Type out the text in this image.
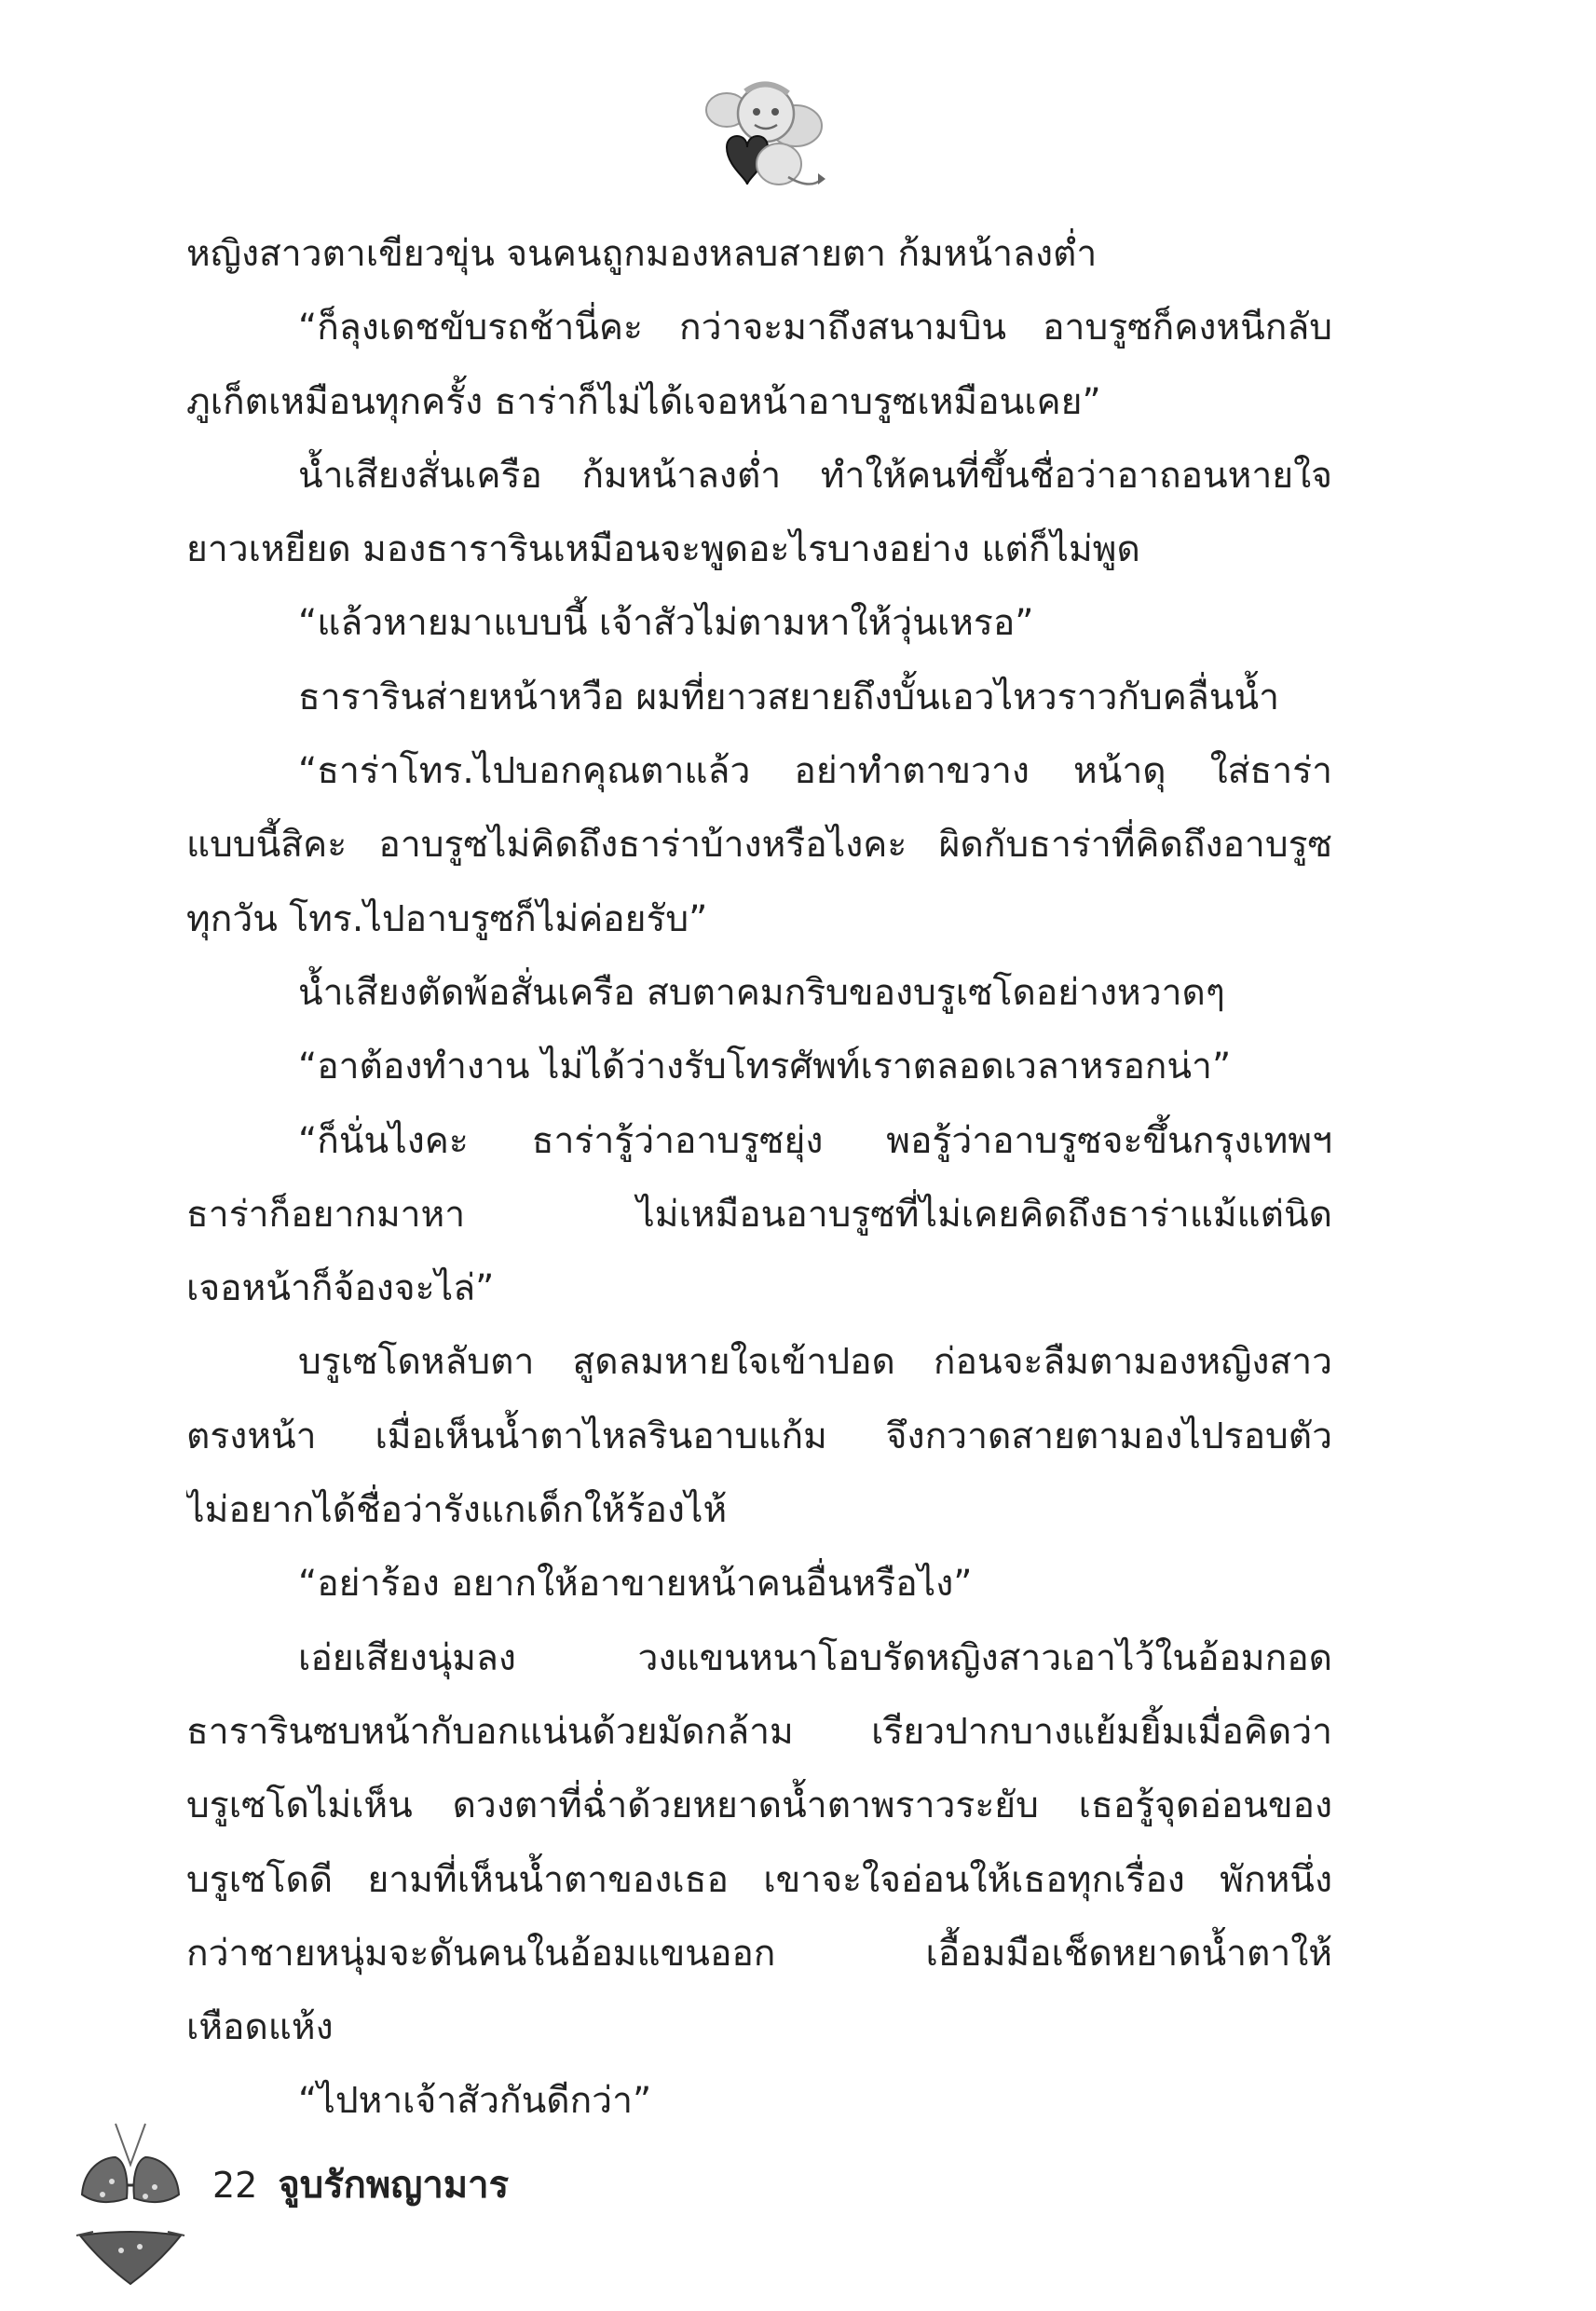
หญิงสาวตาเขียวขุ่น จนคนถูกมองหลบสายตา ก้มหน้าลงต่ำ
“ก็ลุงเดชขับรถช้านี่คะ กว่าจะมาถึงสนามบิน อาบรูซก็คงหนีกลับ
ภูเก็ตเหมือนทุกครั้ง ธาร่าก็ไม่ได้เจอหน้าอาบรูซเหมือนเคย”
น้ำเสียงสั่นเครือ ก้มหน้าลงต่ำ ทำให้คนที่ขึ้นชื่อว่าอาถอนหายใจ
ยาวเหยียด มองธารารินเหมือนจะพูดอะไรบางอย่าง แต่ก็ไม่พูด
“แล้วหายมาแบบนี้ เจ้าสัวไม่ตามหาให้วุ่นเหรอ”
ธารารินส่ายหน้าหวือ ผมที่ยาวสยายถึงบั้นเอวไหวราวกับคลื่นน้ำ
“ธาร่าโทร.ไปบอกคุณตาแล้ว อย่าทำตาขวาง หน้าดุ ใส่ธาร่า
แบบนี้สิคะ อาบรูซไม่คิดถึงธาร่าบ้างหรือไงคะ ผิดกับธาร่าที่คิดถึงอาบรูซ
ทุกวัน โทร.ไปอาบรูซก็ไม่ค่อยรับ”
น้ำเสียงตัดพ้อสั่นเครือ สบตาคมกริบของบรูเซโดอย่างหวาดๆ
“อาต้องทำงาน ไม่ได้ว่างรับโทรศัพท์เราตลอดเวลาหรอกน่า”
“ก็นั่นไงคะ ธาร่ารู้ว่าอาบรูซยุ่ง พอรู้ว่าอาบรูซจะขึ้นกรุงเทพฯ
ธาร่าก็อยากมาหา ไม่เหมือนอาบรูซที่ไม่เคยคิดถึงธาร่าแม้แต่นิด
เจอหน้าก็จ้องจะไล่”
บรูเซโดหลับตา สูดลมหายใจเข้าปอด ก่อนจะลืมตามองหญิงสาว
ตรงหน้า เมื่อเห็นน้ำตาไหลรินอาบแก้ม จึงกวาดสายตามองไปรอบตัว
ไม่อยากได้ชื่อว่ารังแกเด็กให้ร้องไห้
“อย่าร้อง อยากให้อาขายหน้าคนอื่นหรือไง”
เอ่ยเสียงนุ่มลง วงแขนหนาโอบรัดหญิงสาวเอาไว้ในอ้อมกอด
ธารารินซบหน้ากับอกแน่นด้วยมัดกล้าม เรียวปากบางแย้มยิ้มเมื่อคิดว่า
บรูเซโดไม่เห็น ดวงตาที่ฉ่ำด้วยหยาดน้ำตาพราวระยับ เธอรู้จุดอ่อนของ
บรูเซโดดี ยามที่เห็นน้ำตาของเธอ เขาจะใจอ่อนให้เธอทุกเรื่อง พักหนึ่ง
กว่าชายหนุ่มจะดันคนในอ้อมแขนออก เอื้อมมือเช็ดหยาดน้ำตาให้
เหือดแห้ง
“ไปหาเจ้าสัวกันดีกว่า”
22 จูบรักพญามาร
